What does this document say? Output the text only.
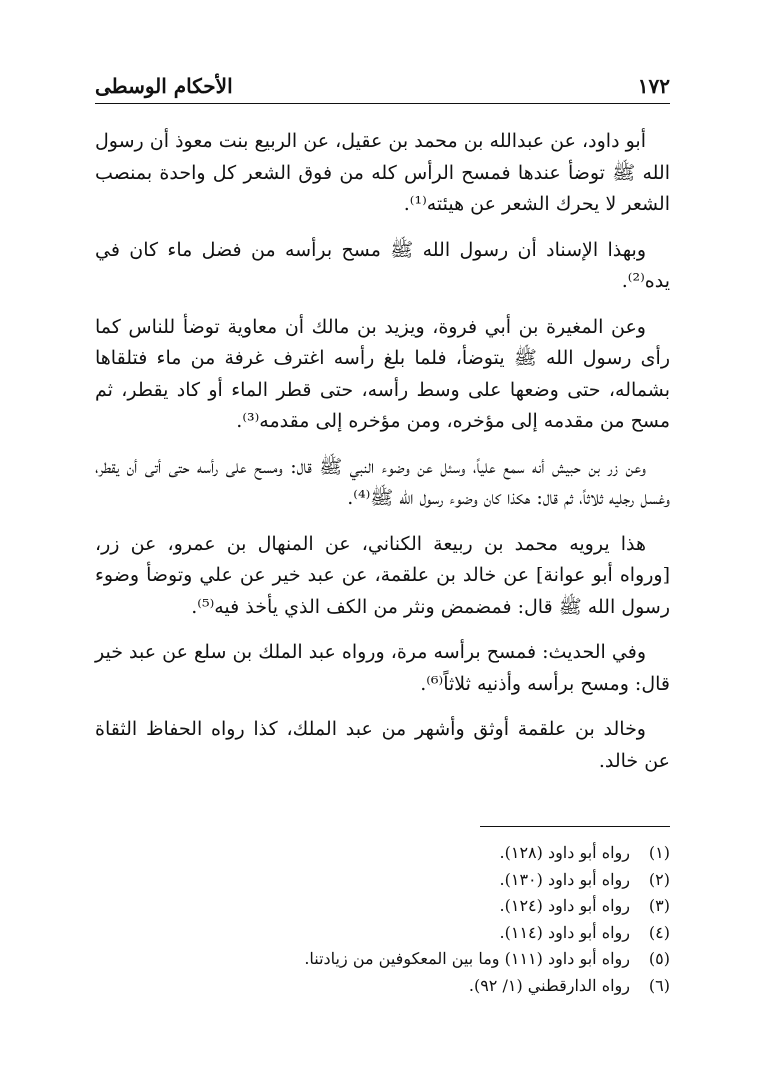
١٧٢
الأحكام الوسطى

أبو داود، عن عبدالله بن محمد بن عقيل، عن الربيع بنت معوذ أن رسول الله ﷺ توضأ عندها فمسح الرأس كله من فوق الشعر كل واحدة بمنصب الشعر لا يحرك الشعر عن هيئته⁽¹⁾.

وبهذا الإسناد أن رسول الله ﷺ مسح برأسه من فضل ماء كان في يده⁽²⁾.

وعن المغيرة بن أبي فروة، ويزيد بن مالك أن معاوية توضأ للناس كما رأى رسول الله ﷺ يتوضأ، فلما بلغ رأسه اغترف غرفة من ماء فتلقاها بشماله، حتى وضعها على وسط رأسه، حتى قطر الماء أو كاد يقطر، ثم مسح من مقدمه إلى مؤخره، ومن مؤخره إلى مقدمه⁽³⁾.

وعن زر بن حبيش أنه سمع علياً، وسئل عن وضوء النبي ﷺ قال: ومسح على رأسه حتى أتى أن يقطر، وغسل رجليه ثلاثاً، ثم قال: هكذا كان وضوء رسول الله ﷺ⁽⁴⁾.

هذا يرويه محمد بن ربيعة الكناني، عن المنهال بن عمرو، عن زر، [ورواه أبو عوانة] عن خالد بن علقمة، عن عبد خير عن علي وتوضأ وضوء رسول الله ﷺ قال: فمضمض ونثر من الكف الذي يأخذ فيه⁽⁵⁾.

وفي الحديث: فمسح برأسه مرة، ورواه عبد الملك بن سلع عن عبد خير قال: ومسح برأسه وأذنيه ثلاثاً⁽⁶⁾.

وخالد بن علقمة أوثق وأشهر من عبد الملك، كذا رواه الحفاظ الثقاة عن خالد.

(١)
رواه أبو داود (١٢٨).
(٢)
رواه أبو داود (١٣٠).
(٣)
رواه أبو داود (١٢٤).
(٤)
رواه أبو داود (١١٤).
(٥)
رواه أبو داود (١١١) وما بين المعكوفين من زيادتنا.
(٦)
رواه الدارقطني (١/ ٩٢).
